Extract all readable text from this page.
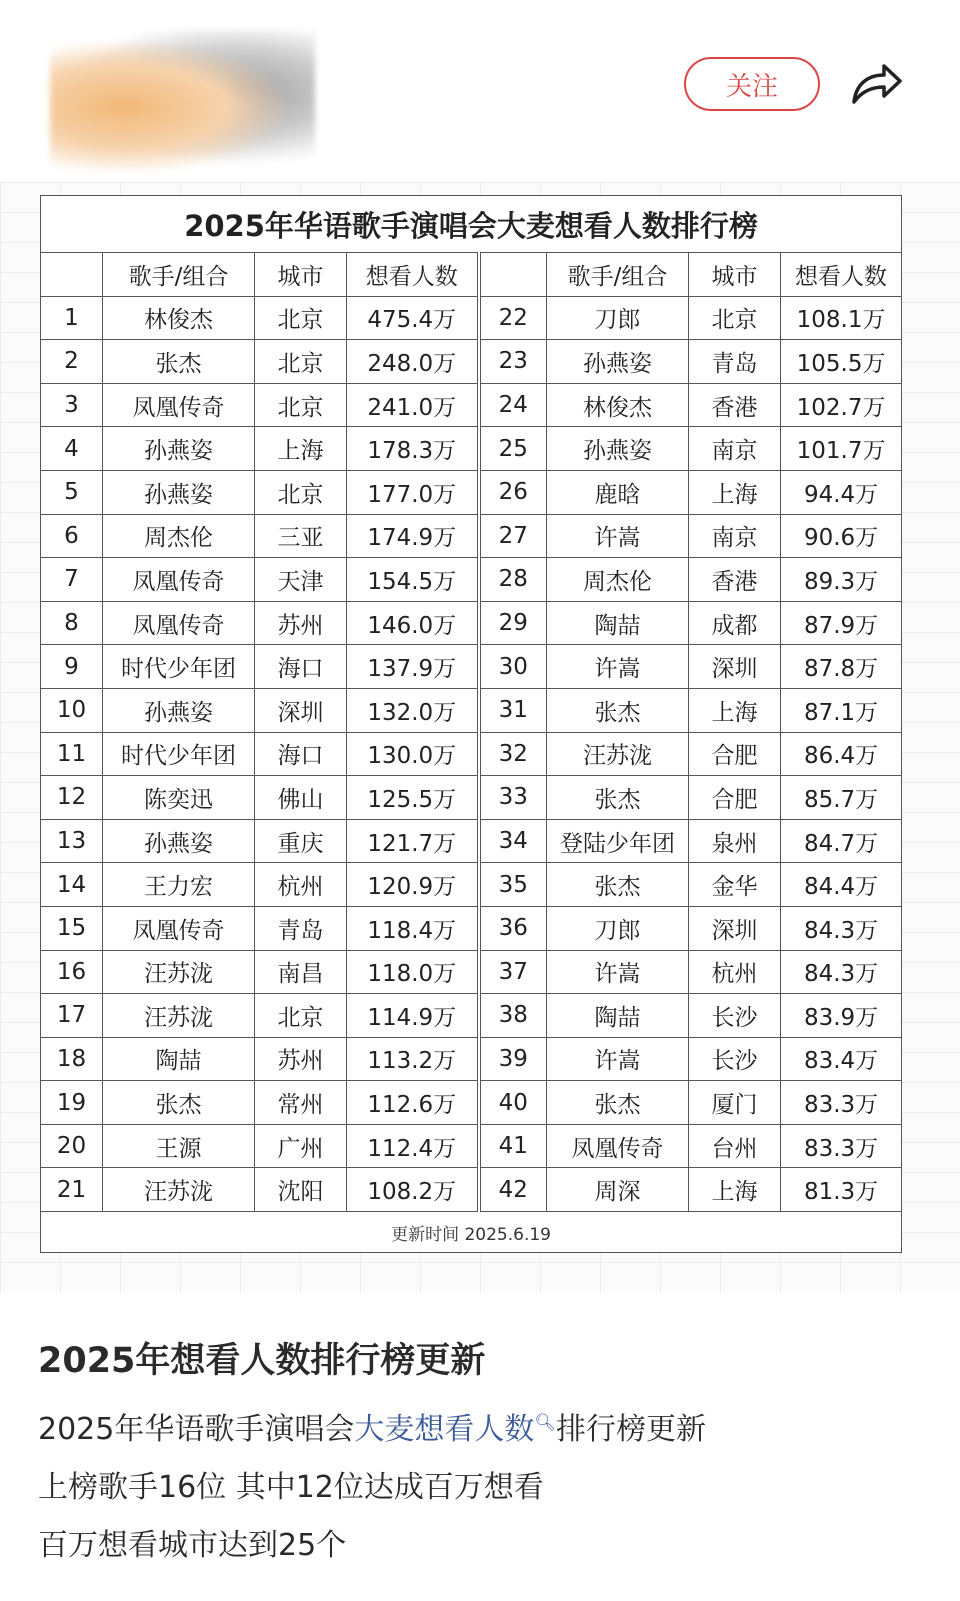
关注
2025年华语歌手演唱会大麦想看人数排行榜							
	歌手/组合	城市	想看人数		歌手/组合	城市	想看人数
1	林俊杰	北京	475.4万	22	刀郎	北京	108.1万
2	张杰	北京	248.0万	23	孙燕姿	青岛	105.5万
3	凤凰传奇	北京	241.0万	24	林俊杰	香港	102.7万
4	孙燕姿	上海	178.3万	25	孙燕姿	南京	101.7万
5	孙燕姿	北京	177.0万	26	鹿晗	上海	94.4万
6	周杰伦	三亚	174.9万	27	许嵩	南京	90.6万
7	凤凰传奇	天津	154.5万	28	周杰伦	香港	89.3万
8	凤凰传奇	苏州	146.0万	29	陶喆	成都	87.9万
9	时代少年团	海口	137.9万	30	许嵩	深圳	87.8万
10	孙燕姿	深圳	132.0万	31	张杰	上海	87.1万
11	时代少年团	海口	130.0万	32	汪苏泷	合肥	86.4万
12	陈奕迅	佛山	125.5万	33	张杰	合肥	85.7万
13	孙燕姿	重庆	121.7万	34	登陆少年团	泉州	84.7万
14	王力宏	杭州	120.9万	35	张杰	金华	84.4万
15	凤凰传奇	青岛	118.4万	36	刀郎	深圳	84.3万
16	汪苏泷	南昌	118.0万	37	许嵩	杭州	84.3万
17	汪苏泷	北京	114.9万	38	陶喆	长沙	83.9万
18	陶喆	苏州	113.2万	39	许嵩	长沙	83.4万
19	张杰	常州	112.6万	40	张杰	厦门	83.3万
20	王源	广州	112.4万	41	凤凰传奇	台州	83.3万
21	汪苏泷	沈阳	108.2万	42	周深	上海	81.3万
更新时间 2025.6.19							
2025年想看人数排行榜更新
2025年华语歌手演唱会大麦想看人数🔍︎排行榜更新
上榜歌手16位 其中12位达成百万想看
百万想看城市达到25个
